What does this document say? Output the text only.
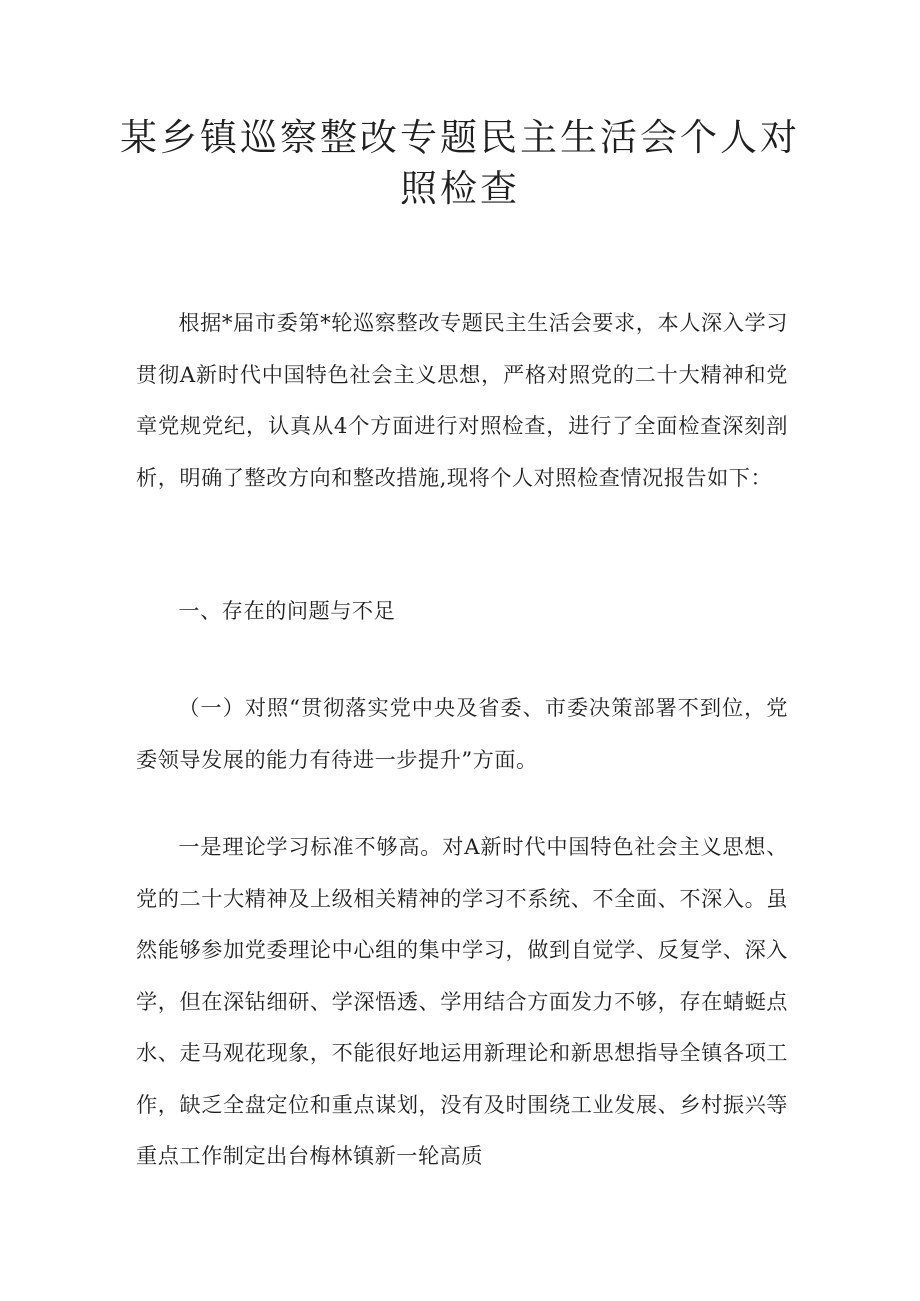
某乡镇巡察整改专题民主生活会个人对照检查

根据*届市委第*轮巡察整改专题民主生活会要求，本人深入学习贯彻A新时代中国特色社会主义思想，严格对照党的二十大精神和党章党规党纪，认真从4个方面进行对照检查，进行了全面检查深刻剖析，明确了整改方向和整改措施,现将个人对照检查情况报告如下：

一、存在的问题与不足

（一）对照“贯彻落实党中央及省委、市委决策部署不到位，党委领导发展的能力有待进一步提升”方面。

一是理论学习标准不够高。对A新时代中国特色社会主义思想、党的二十大精神及上级相关精神的学习不系统、不全面、不深入。虽然能够参加党委理论中心组的集中学习，做到自觉学、反复学、深入学，但在深钻细研、学深悟透、学用结合方面发力不够，存在蜻蜓点水、走马观花现象，不能很好地运用新理论和新思想指导全镇各项工作，缺乏全盘定位和重点谋划，没有及时围绕工业发展、乡村振兴等重点工作制定出台梅林镇新一轮高质
